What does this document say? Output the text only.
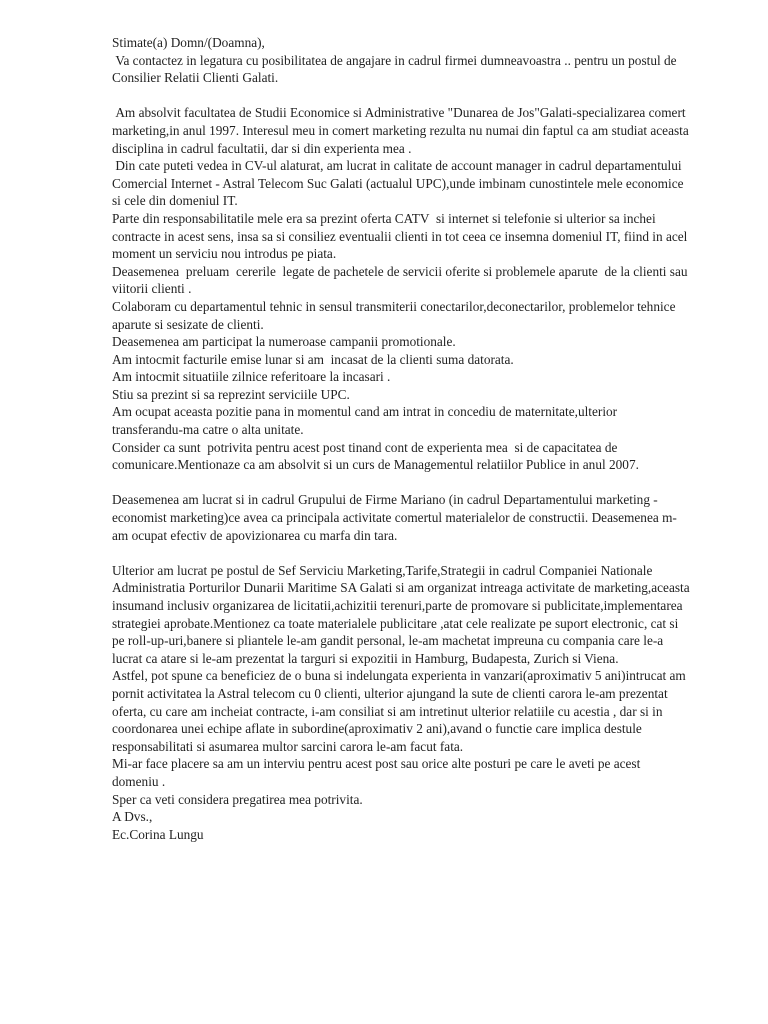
Stimate(a) Domn/(Doamna),
Va contactez in legatura cu posibilitatea de angajare in cadrul firmei dumneavoastra .. pentru un postul de Consilier Relatii Clienti Galati.
Am absolvit facultatea de Studii Economice si Administrative "Dunarea de Jos"Galati-specializarea comert marketing,in anul 1997. Interesul meu in comert marketing rezulta nu numai din faptul ca am studiat aceasta disciplina in cadrul facultatii, dar si din experienta mea .
Din cate puteti vedea in CV-ul alaturat, am lucrat in calitate de account manager in cadrul departamentului Comercial Internet - Astral Telecom Suc Galati (actualul UPC),unde imbinam cunostintele mele economice si cele din domeniul IT.
Parte din responsabilitatile mele era sa prezint oferta CATV  si internet si telefonie si ulterior sa inchei contracte in acest sens, insa sa si consiliez eventualii clienti in tot ceea ce insemna domeniul IT, fiind in acel moment un serviciu nou introdus pe piata.
Deasemenea  preluam  cererile  legate de pachetele de servicii oferite si problemele aparute  de la clienti sau viitorii clienti .
Colaboram cu departamentul tehnic in sensul transmiterii conectarilor,deconectarilor, problemelor tehnice aparute si sesizate de clienti.
Deasemenea am participat la numeroase campanii promotionale.
Am intocmit facturile emise lunar si am  incasat de la clienti suma datorata.
Am intocmit situatiile zilnice referitoare la incasari .
Stiu sa prezint si sa reprezint serviciile UPC.
Am ocupat aceasta pozitie pana in momentul cand am intrat in concediu de maternitate,ulterior transferandu-ma catre o alta unitate.
Consider ca sunt  potrivita pentru acest post tinand cont de experienta mea  si de capacitatea de comunicare.Mentionaze ca am absolvit si un curs de Managementul relatiilor Publice in anul 2007.
Deasemenea am lucrat si in cadrul Grupului de Firme Mariano (in cadrul Departamentului marketing -economist marketing)ce avea ca principala activitate comertul materialelor de constructii. Deasemenea m-am ocupat efectiv de apovizionarea cu marfa din tara.
Ulterior am lucrat pe postul de Sef Serviciu Marketing,Tarife,Strategii in cadrul Companiei Nationale Administratia Porturilor Dunarii Maritime SA Galati si am organizat intreaga activitate de marketing,aceasta insumand inclusiv organizarea de licitatii,achizitii terenuri,parte de promovare si publicitate,implementarea strategiei aprobate.Mentionez ca toate materialele publicitare ,atat cele realizate pe suport electronic, cat si pe roll-up-uri,banere si pliantele le-am gandit personal, le-am machetat impreuna cu compania care le-a lucrat ca atare si le-am prezentat la targuri si expozitii in Hamburg, Budapesta, Zurich si Viena.
Astfel, pot spune ca beneficiez de o buna si indelungata experienta in vanzari(aproximativ 5 ani)intrucat am pornit activitatea la Astral telecom cu 0 clienti, ulterior ajungand la sute de clienti carora le-am prezentat oferta, cu care am incheiat contracte, i-am consiliat si am intretinut ulterior relatiile cu acestia , dar si in coordonarea unei echipe aflate in subordine(aproximativ 2 ani),avand o functie care implica destule responsabilitati si asumarea multor sarcini carora le-am facut fata.
Mi-ar face placere sa am un interviu pentru acest post sau orice alte posturi pe care le aveti pe acest domeniu .
Sper ca veti considera pregatirea mea potrivita.
A Dvs.,
Ec.Corina Lungu
